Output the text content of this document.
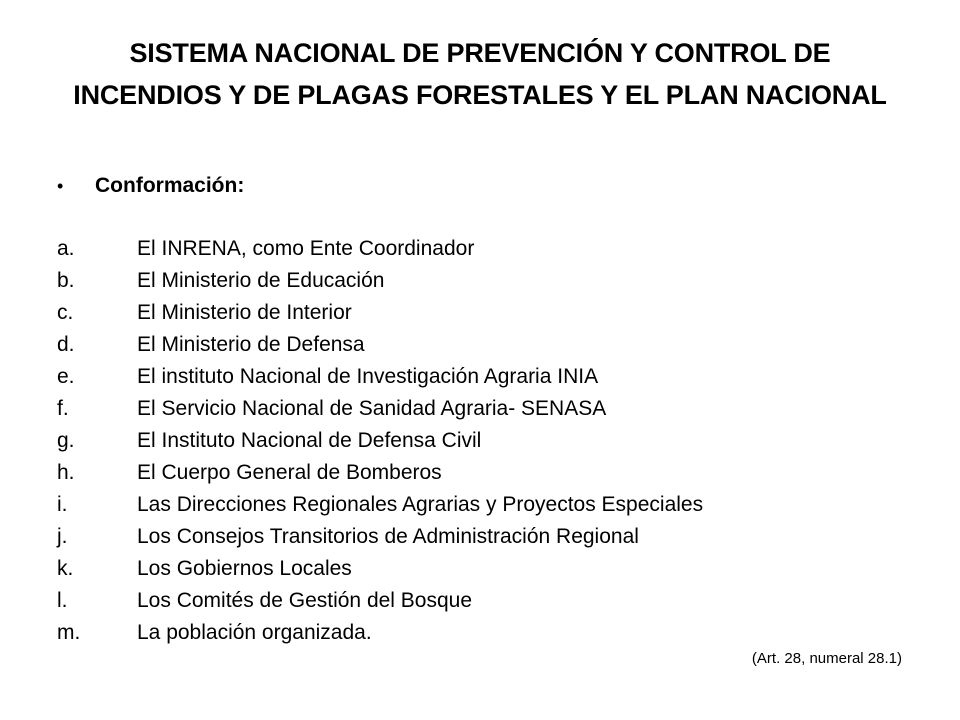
SISTEMA NACIONAL DE PREVENCIÓN Y CONTROL DE
INCENDIOS Y DE PLAGAS FORESTALES Y EL PLAN NACIONAL
•	Conformación:
a.	El INRENA, como Ente Coordinador
b.	El Ministerio de Educación
c.	El Ministerio de Interior
d.	El Ministerio de Defensa
e.	El instituto Nacional de Investigación Agraria INIA
f.	El Servicio Nacional de Sanidad Agraria- SENASA
g.	El Instituto Nacional de Defensa Civil
h.	El Cuerpo General de Bomberos
i.	Las Direcciones Regionales Agrarias y Proyectos Especiales
j.	Los Consejos Transitorios de Administración Regional
k.	Los Gobiernos Locales
l.	Los Comités de Gestión del Bosque
m.	La población organizada.
(Art. 28, numeral 28.1)
